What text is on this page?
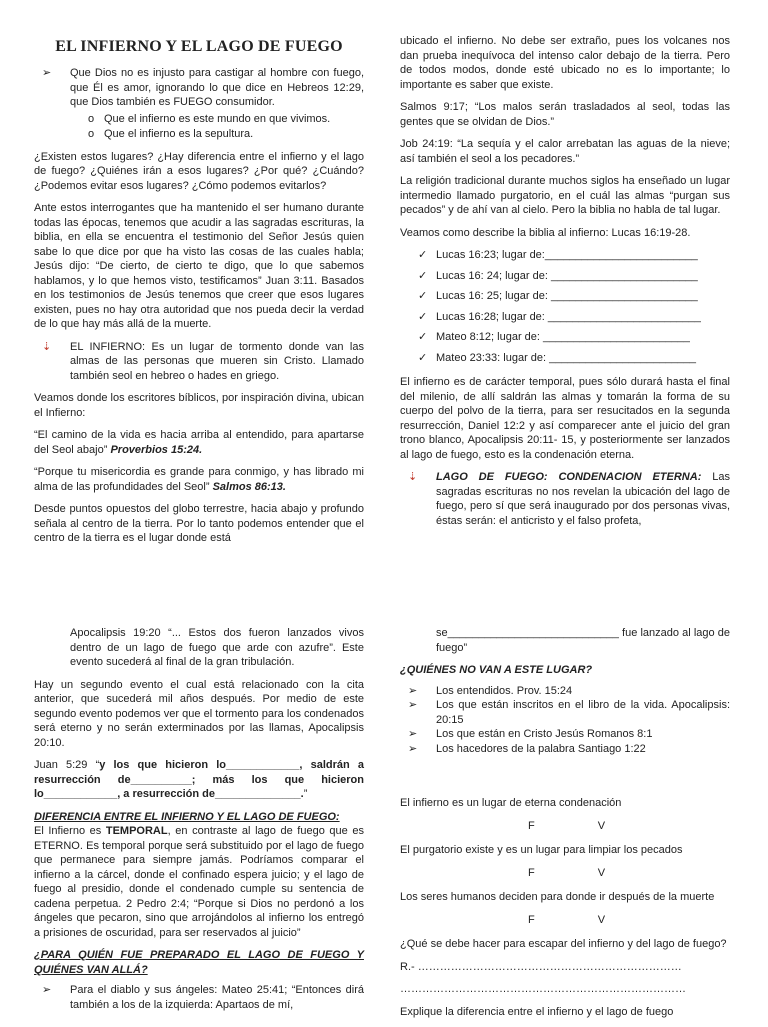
EL INFIERNO Y EL LAGO DE FUEGO
➢ Que Dios no es injusto para castigar al hombre con fuego, que Él es amor, ignorando lo que dice en Hebreos 12:29, que Dios también es FUEGO consumidor.
o Que el infierno es este mundo en que vivimos.
o Que el infierno es la sepultura.

¿Existen estos lugares? ¿Hay diferencia entre el infierno y el lago de fuego? ¿Quiénes irán a esos lugares? ¿Por qué? ¿Cuándo? ¿Podemos evitar esos lugares? ¿Cómo podemos evitarlos?

Ante estos interrogantes que ha mantenido el ser humano durante todas las épocas, tenemos que acudir a las sagradas escrituras, la biblia, en ella se encuentra el testimonio del Señor Jesús quien sabe lo que dice por que ha visto las cosas de las cuales habla; Jesús dijo: “De cierto, de cierto te digo, que lo que sabemos hablamos, y lo que hemos visto, testificamos” Juan 3:11. Basados en los testimonios de Jesús tenemos que creer que esos lugares existen, pues no hay otra autoridad que nos pueda decir la verdad de lo que hay más allá de la muerte.

⇣ EL INFIERNO: Es un lugar de tormento donde van las almas de las personas que mueren sin Cristo. Llamado también seol en hebreo o hades en griego.

Veamos donde los escritores bíblicos, por inspiración divina, ubican el Infierno:

“El camino de la vida es hacia arriba al entendido, para apartarse del Seol abajo” Proverbios 15:24.

“Porque tu misericordia es grande para conmigo, y has librado mi alma de las profundidades del Seol” Salmos 86:13.

Desde puntos opuestos del globo terrestre, hacia abajo y profundo señala al centro de la tierra. Por lo tanto podemos entender que el centro de la tierra es el lugar donde está

ubicado el infierno. No debe ser extraño, pues los volcanes nos dan prueba inequívoca del intenso calor debajo de la tierra. Pero de todos modos, donde esté ubicado no es lo importante; lo importante es saber que existe.

Salmos 9:17; “Los malos serán trasladados al seol, todas las gentes que se olvidan de Dios.”

Job 24:19: “La sequía y el calor arrebatan las aguas de la nieve; así también el seol a los pecadores.”

La religión tradicional durante muchos siglos ha enseñado un lugar intermedio llamado purgatorio, en el cuál las almas “purgan sus pecados” y de ahí van al cielo. Pero la biblia no habla de tal lugar.

Veamos como describe la biblia al infierno: Lucas 16:19-28.

✓ Lucas 16:23; lugar de:_________________________
✓ Lucas 16: 24; lugar de: ________________________
✓ Lucas 16: 25; lugar de: ________________________
✓ Lucas 16:28; lugar de: _________________________
✓ Mateo 8:12; lugar de: ________________________
✓ Mateo 23:33: lugar de: ________________________

El infierno es de carácter temporal, pues sólo durará hasta el final del milenio, de allí saldrán las almas y tomarán la forma de su cuerpo del polvo de la tierra, para ser resucitados en la segunda resurrección, Daniel 12:2 y así comparecer ante el juicio del gran trono blanco, Apocalipsis 20:11- 15, y posteriormente ser lanzados al lago de fuego, esto es la condenación eterna.

⇣ LAGO DE FUEGO: CONDENACION ETERNA: Las sagradas escrituras no nos revelan la ubicación del lago de fuego, pero sí que será inaugurado por dos personas vivas, éstas serán: el anticristo y el falso profeta,

Apocalipsis 19:20 “... Estos dos fueron lanzados vivos dentro de un lago de fuego que arde con azufre”. Este evento sucederá al final de la gran tribulación.

Hay un segundo evento el cual está relacionado con la cita anterior, que sucederá mil años después. Por medio de este segundo evento podemos ver que el tormento para los condenados será eterno y no serán exterminados por las llamas, Apocalipsis 20:10.

Juan 5:29 “y los que hicieron lo____________, saldrán a resurrección de__________; más los que hicieron lo____________, a resurrección de______________.”

DIFERENCIA ENTRE EL INFIERNO Y EL LAGO DE FUEGO:

El Infierno es TEMPORAL, en contraste al lago de fuego que es ETERNO. Es temporal porque será substituido por el lago de fuego que permanece para siempre jamás. Podríamos comparar el infierno a la cárcel, donde el confinado espera juicio; y el lago de fuego al presidio, donde el condenado cumple su sentencia de cadena perpetua. 2 Pedro 2:4; “Porque si Dios no perdonó a los ángeles que pecaron, sino que arrojándolos al infierno los entregó a prisiones de oscuridad, para ser reservados al juicio”

¿PARA QUIÉN FUE PREPARADO EL LAGO DE FUEGO Y QUIÉNES VAN ALLÁ?
➢ Para el diablo y sus ángeles: Mateo 25:41; “Entonces dirá también a los de la izquierda: Apartaos de mí,

se____________________________ fue lanzado al lago de fuego”

¿QUIÉNES NO VAN A ESTE LUGAR?
➢ Los entendidos. Prov. 15:24
➢ Los que están inscritos en el libro de la vida. Apocalipsis: 20:15
➢ Los que están en Cristo Jesús Romanos 8:1
➢ Los hacedores de la palabra Santiago 1:22

El infierno es un lugar de eterna condenación

F V

El purgatorio existe y es un lugar para limpiar los pecados

F V

Los seres humanos deciden para donde ir después de la muerte

F V

¿Qué se debe hacer para escapar del infierno y del lago de fuego?

R.- ………………………………………………………………

……………………………………………………………………

Explique la diferencia entre el infierno y el lago de fuego
